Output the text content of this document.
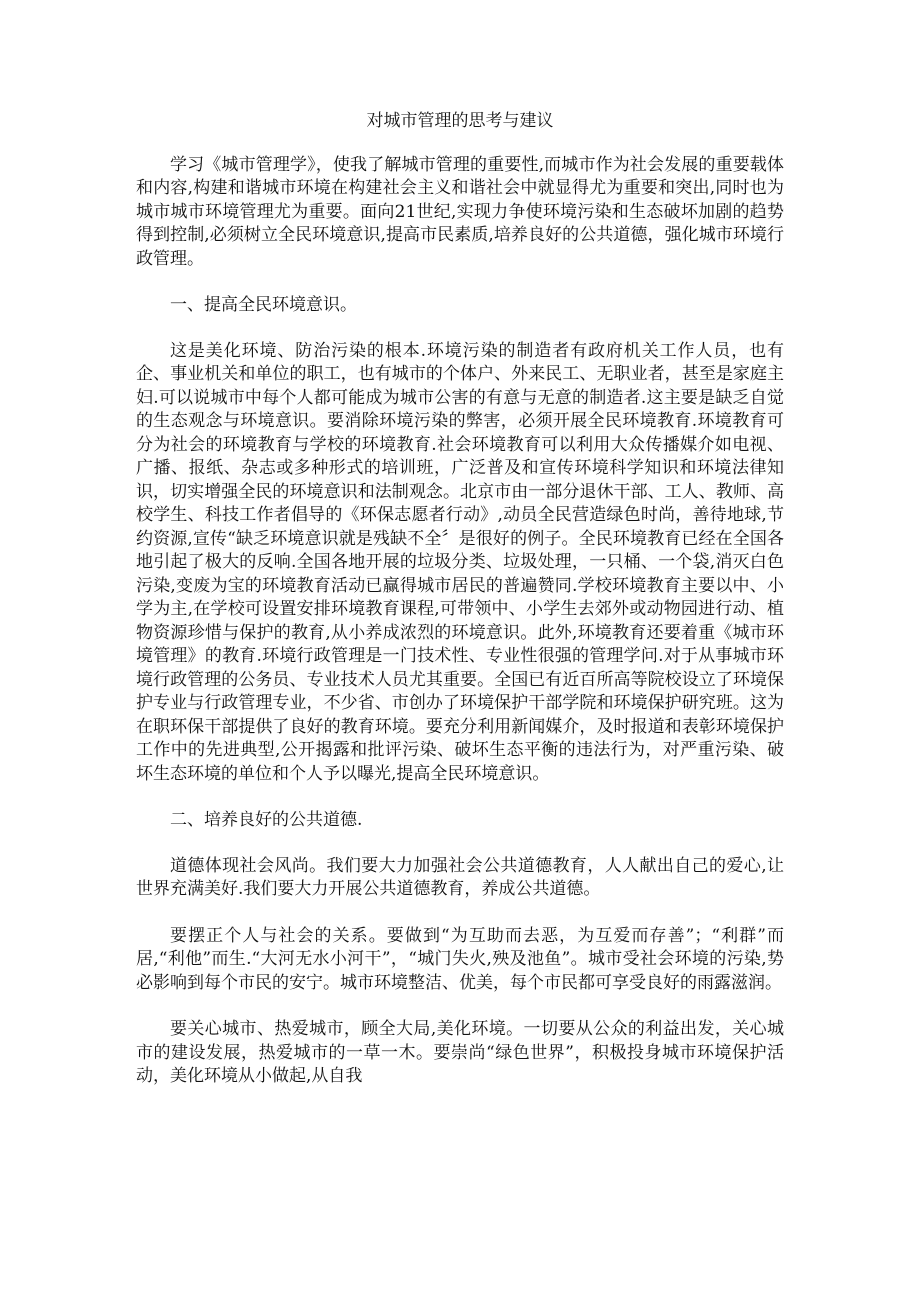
对城市管理的思考与建议

学习《城市管理学》，使我了解城市管理的重要性,而城市作为社会发展的重要载体和内容,构建和谐城市环境在构建社会主义和谐社会中就显得尤为重要和突出,同时也为城市城市环境管理尤为重要。面向21世纪,实现力争使环境污染和生态破坏加剧的趋势得到控制,必须树立全民环境意识,提高市民素质,培养良好的公共道德，强化城市环境行政管理。

一、提高全民环境意识。

这是美化环境、防治污染的根本.环境污染的制造者有政府机关工作人员，也有企、事业机关和单位的职工，也有城市的个体户、外来民工、无职业者，甚至是家庭主妇.可以说城市中每个人都可能成为城市公害的有意与无意的制造者.这主要是缺乏自觉的生态观念与环境意识。要消除环境污染的弊害，必须开展全民环境教育.环境教育可分为社会的环境教育与学校的环境教育.社会环境教育可以利用大众传播媒介如电视、广播、报纸、杂志或多种形式的培训班，广泛普及和宣传环境科学知识和环境法律知识，切实增强全民的环境意识和法制观念。北京市由一部分退休干部、工人、教师、高校学生、科技工作者倡导的《环保志愿者行动》,动员全民营造绿色时尚，善待地球,节约资源,宣传“缺乏环境意识就是残缺不全〞是很好的例子。全民环境教育已经在全国各地引起了极大的反响.全国各地开展的垃圾分类、垃圾处理，一只桶、一个袋,消灭白色污染,变废为宝的环境教育活动已赢得城市居民的普遍赞同.学校环境教育主要以中、小学为主,在学校可设置安排环境教育课程,可带领中、小学生去郊外或动物园进行动、植物资源珍惜与保护的教育,从小养成浓烈的环境意识。此外,环境教育还要着重《城市环境管理》的教育.环境行政管理是一门技术性、专业性很强的管理学问.对于从事城市环境行政管理的公务员、专业技术人员尤其重要。全国已有近百所高等院校设立了环境保护专业与行政管理专业，不少省、市创办了环境保护干部学院和环境保护研究班。这为在职环保干部提供了良好的教育环境。要充分利用新闻媒介，及时报道和表彰环境保护工作中的先进典型,公开揭露和批评污染、破坏生态平衡的违法行为，对严重污染、破坏生态环境的单位和个人予以曝光,提高全民环境意识。

二、培养良好的公共道德.

道德体现社会风尚。我们要大力加强社会公共道德教育，人人献出自己的爱心,让世界充满美好.我们要大力开展公共道德教育，养成公共道德。

要摆正个人与社会的关系。要做到“为互助而去恶，为互爱而存善”；“利群”而居,“利他”而生.“大河无水小河干”，“城门失火,殃及池鱼”。城市受社会环境的污染,势必影响到每个市民的安宁。城市环境整洁、优美，每个市民都可享受良好的雨露滋润。

要关心城市、热爱城市，顾全大局,美化环境。一切要从公众的利益出发，关心城市的建设发展，热爱城市的一草一木。要崇尚“绿色世界”，积极投身城市环境保护活动，美化环境从小做起,从自我
